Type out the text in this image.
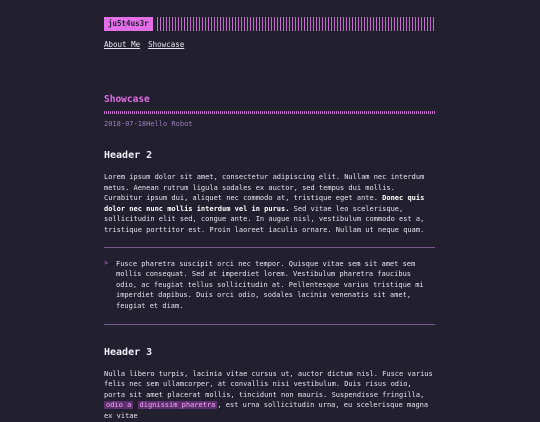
ju5t4us3r
About Me Showcase
Showcase
2018-07-18Hello Robot
Header 2

Lorem ipsum dolor sit amet, consectetur adipiscing elit. Nullam nec interdum metus. Aenean rutrum ligula sodales ex auctor, sed tempus dui mollis. Curabitur ipsum dui, aliquet nec commodo at, tristique eget ante. Donec quis dolor nec nunc mollis interdum vel in purus. Sed vitae leo scelerisque, sollicitudin elit sed, congue ante. In augue nisl, vestibulum commodo est a, tristique porttitor est. Proin laoreet iaculis ornare. Nullam ut neque quam.

>	Fusce pharetra suscipit orci nec tempor. Quisque vitae sem sit amet sem mollis consequat. Sed at imperdiet lorem. Vestibulum pharetra faucibus odio, ac feugiat tellus sollicitudin at. Pellentesque varius tristique mi imperdiet dapibus. Duis orci odio, sodales lacinia venenatis sit amet, feugiat et diam.

Header 3

Nulla libero turpis, lacinia vitae cursus ut, auctor dictum nisl. Fusce varius felis nec sem ullamcorper, at convallis nisi vestibulum. Duis risus odio, porta sit amet placerat mollis, tincidunt non mauris. Suspendisse fringilla, odio a dignissim pharetra , est urna sollicitudin urna, eu scelerisque magna ex vitae
